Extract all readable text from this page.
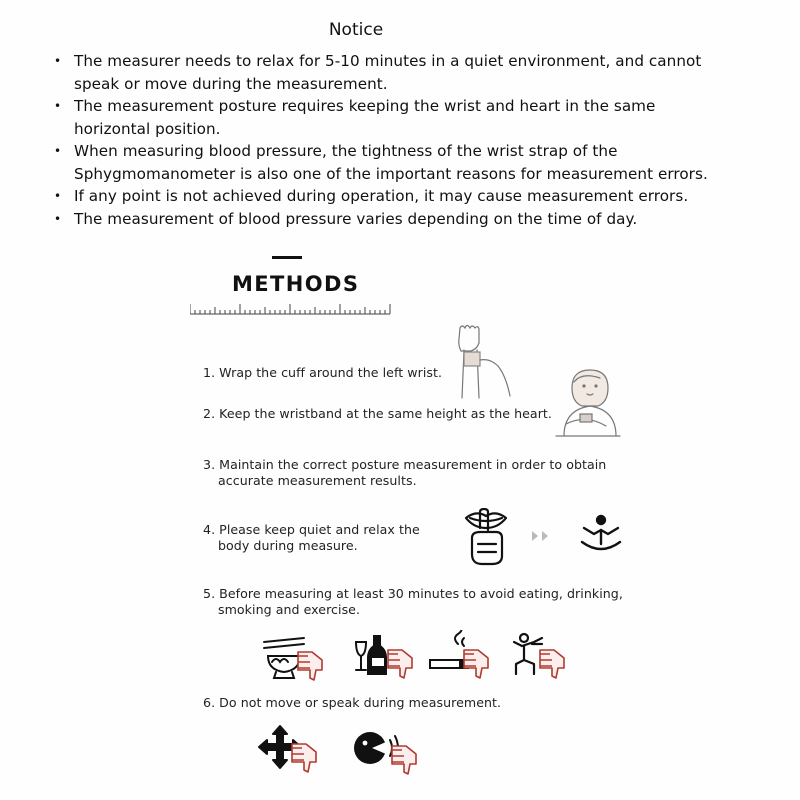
Notice
• The measurer needs to relax for 5-10 minutes in a quiet environment, and cannot
speak or move during the measurement.
• The measurement posture requires keeping the wrist and heart in the same
horizontal position.
• When measuring blood pressure, the tightness of the wrist strap of the
Sphygmomanometer is also one of the important reasons for measurement errors.
• If any point is not achieved during operation, it may cause measurement errors.
• The measurement of blood pressure varies depending on the time of day.
METHODS
1. Wrap the cuff around the left wrist.
2. Keep the wristband at the same height as the heart.
3. Maintain the correct posture measurement in order to obtain
accurate measurement results.
4. Please keep quiet and relax the
body during measure.
5. Before measuring at least 30 minutes to avoid eating, drinking,
smoking and exercise.
6. Do not move or speak during measurement.
